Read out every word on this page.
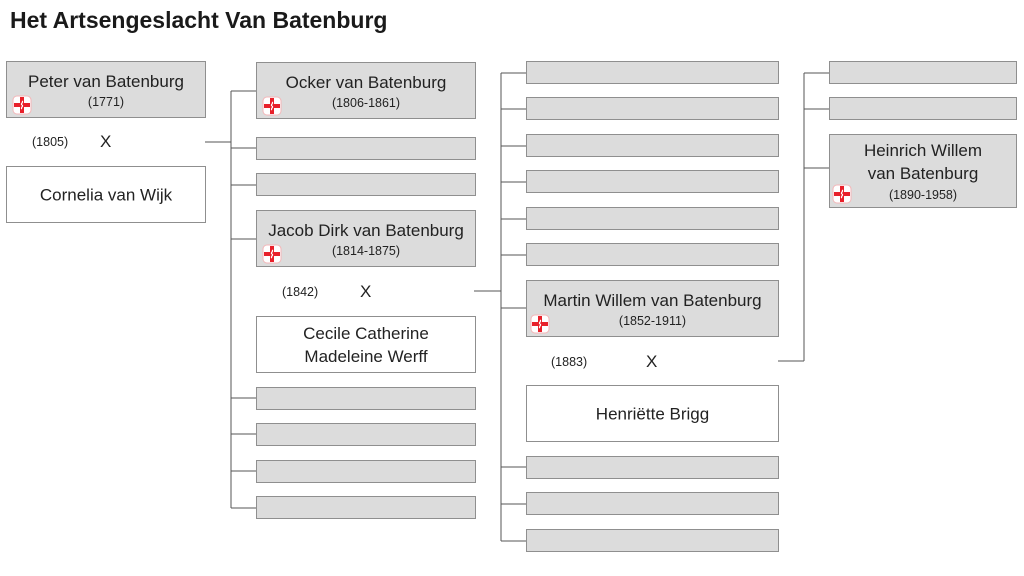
Het Artsengeslacht Van Batenburg
Peter van Batenburg
(1771)
(1805) X
Cornelia van Wijk
Ocker van Batenburg
(1806-1861)
Jacob Dirk van Batenburg
(1814-1875)
(1842) X
Cecile Catherine
Madeleine Werff
Martin Willem van Batenburg
(1852-1911)
(1883)	X
Henriëtte Brigg
Heinrich Willem
van Batenburg
(1890-1958)
